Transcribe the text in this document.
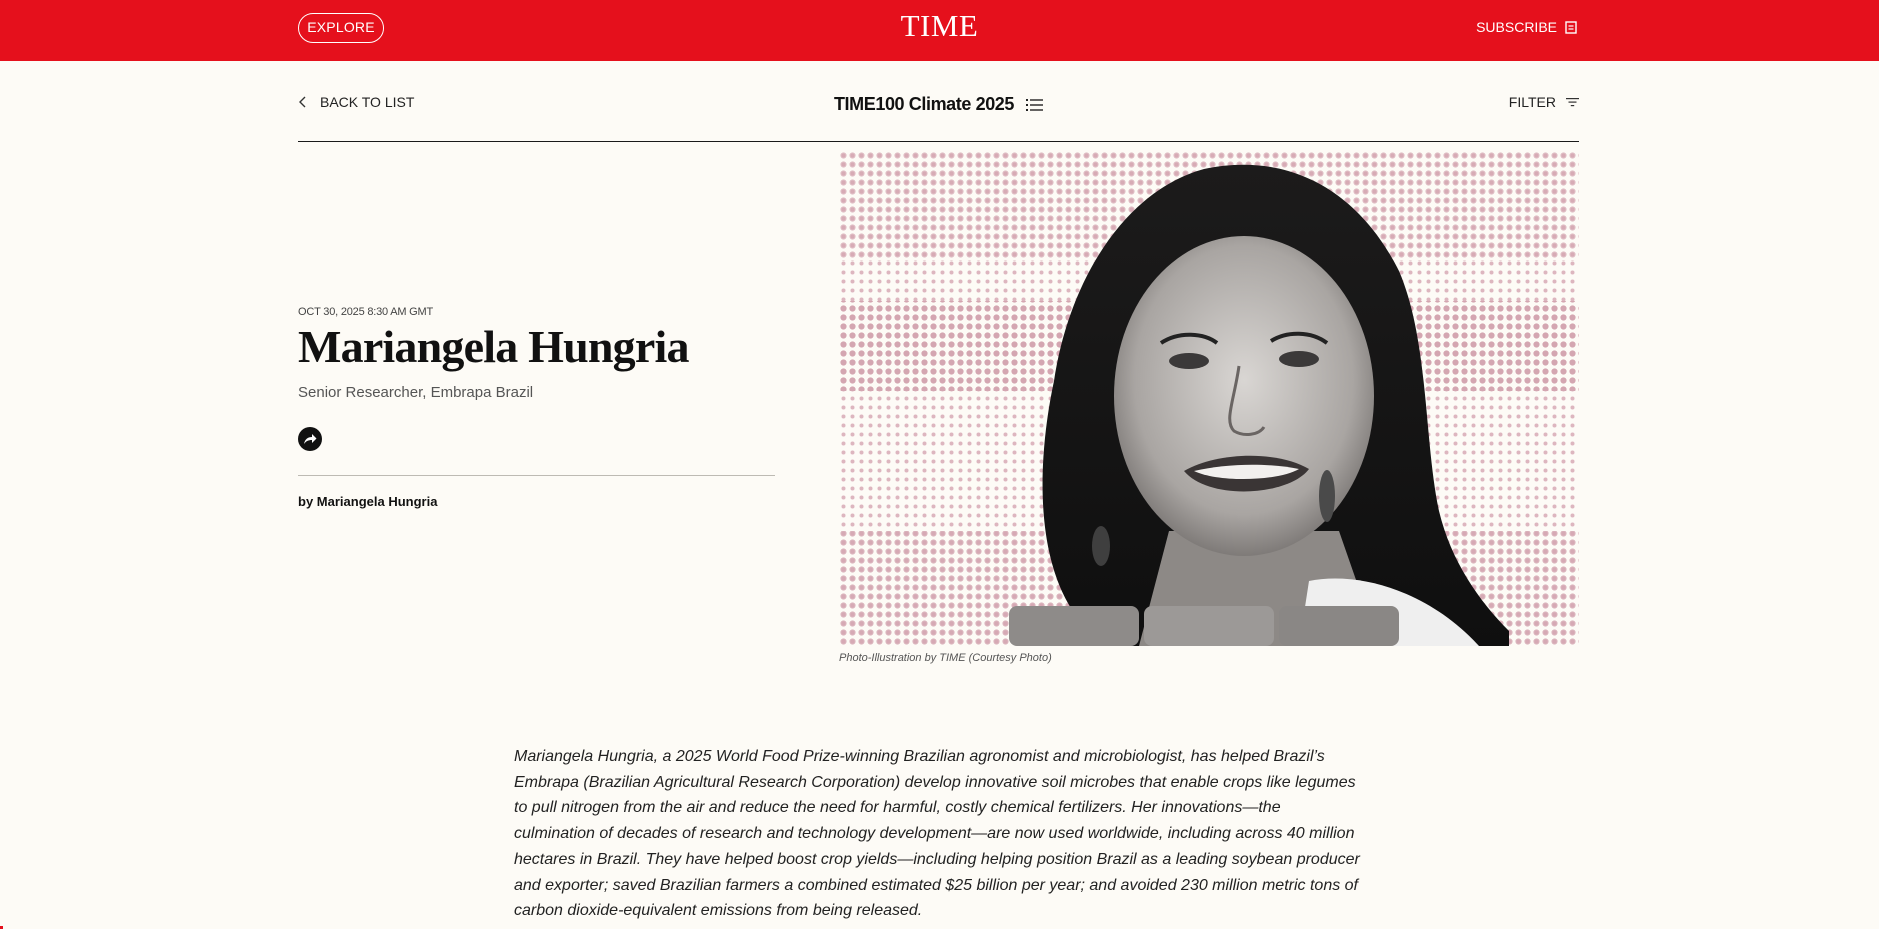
EXPLORE	TIME	SUBSCRIBE
BACK TO LIST	TIME100 Climate 2025	FILTER
OCT 30, 2025 8:30 AM GMT
Mariangela Hungria
Senior Researcher, Embrapa Brazil
by Mariangela Hungria
Photo-Illustration by TIME (Courtesy Photo)
Mariangela Hungria, a 2025 World Food Prize-winning Brazilian agronomist and microbiologist, has helped Brazil’s Embrapa (Brazilian Agricultural Research Corporation) develop innovative soil microbes that enable crops like legumes to pull nitrogen from the air and reduce the need for harmful, costly chemical fertilizers. Her innovations—the culmination of decades of research and technology development—are now used worldwide, including across 40 million hectares in Brazil. They have helped boost crop yields—including helping position Brazil as a leading soybean producer and exporter; saved Brazilian farmers a combined estimated $25 billion per year; and avoided 230 million metric tons of carbon dioxide-equivalent emissions from being released.
